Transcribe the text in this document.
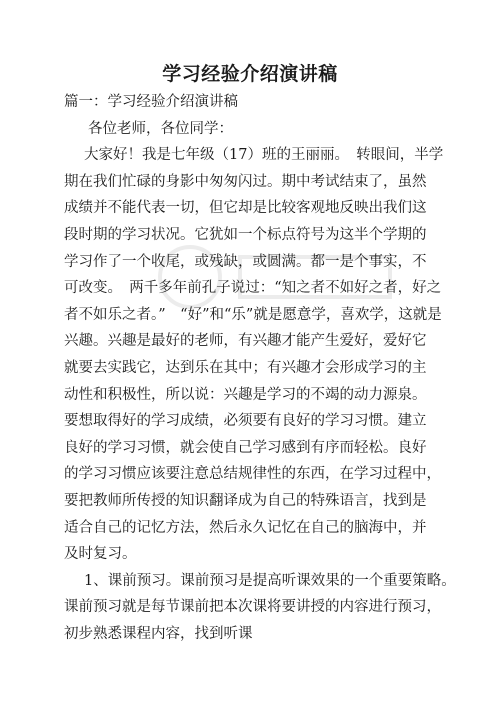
学习经验介绍演讲稿
篇一：学习经验介绍演讲稿
各位老师，各位同学：
大家好！我是七年级（17）班的王丽丽。　转眼间，半学
期在我们忙碌的身影中匆匆闪过。期中考试结束了，虽然
成绩并不能代表一切，但它却是比较客观地反映出我们这
段时期的学习状况。它犹如一个标点符号为这半个学期的
学习作了一个收尾，或残缺，或圆满。都一是个事实，不
可改变。　两千多年前孔子说过：“知之者不如好之者，好之
者不如乐之者。”　“好”和“乐”就是愿意学，喜欢学，这就是
兴趣。兴趣是最好的老师，有兴趣才能产生爱好，爱好它
就要去实践它，达到乐在其中；有兴趣才会形成学习的主
动性和积极性，所以说：兴趣是学习的不竭的动力源泉。
要想取得好的学习成绩，必须要有良好的学习习惯。建立
良好的学习习惯，就会使自己学习感到有序而轻松。良好
的学习习惯应该要注意总结规律性的东西，在学习过程中，
要把教师所传授的知识翻译成为自己的特殊语言，找到是
适合自己的记忆方法，然后永久记忆在自己的脑海中，并
及时复习。
1、课前预习。课前预习是提高听课效果的一个重要策略。
课前预习就是每节课前把本次课将要讲授的内容进行预习，
初步熟悉课程内容，找到听课
